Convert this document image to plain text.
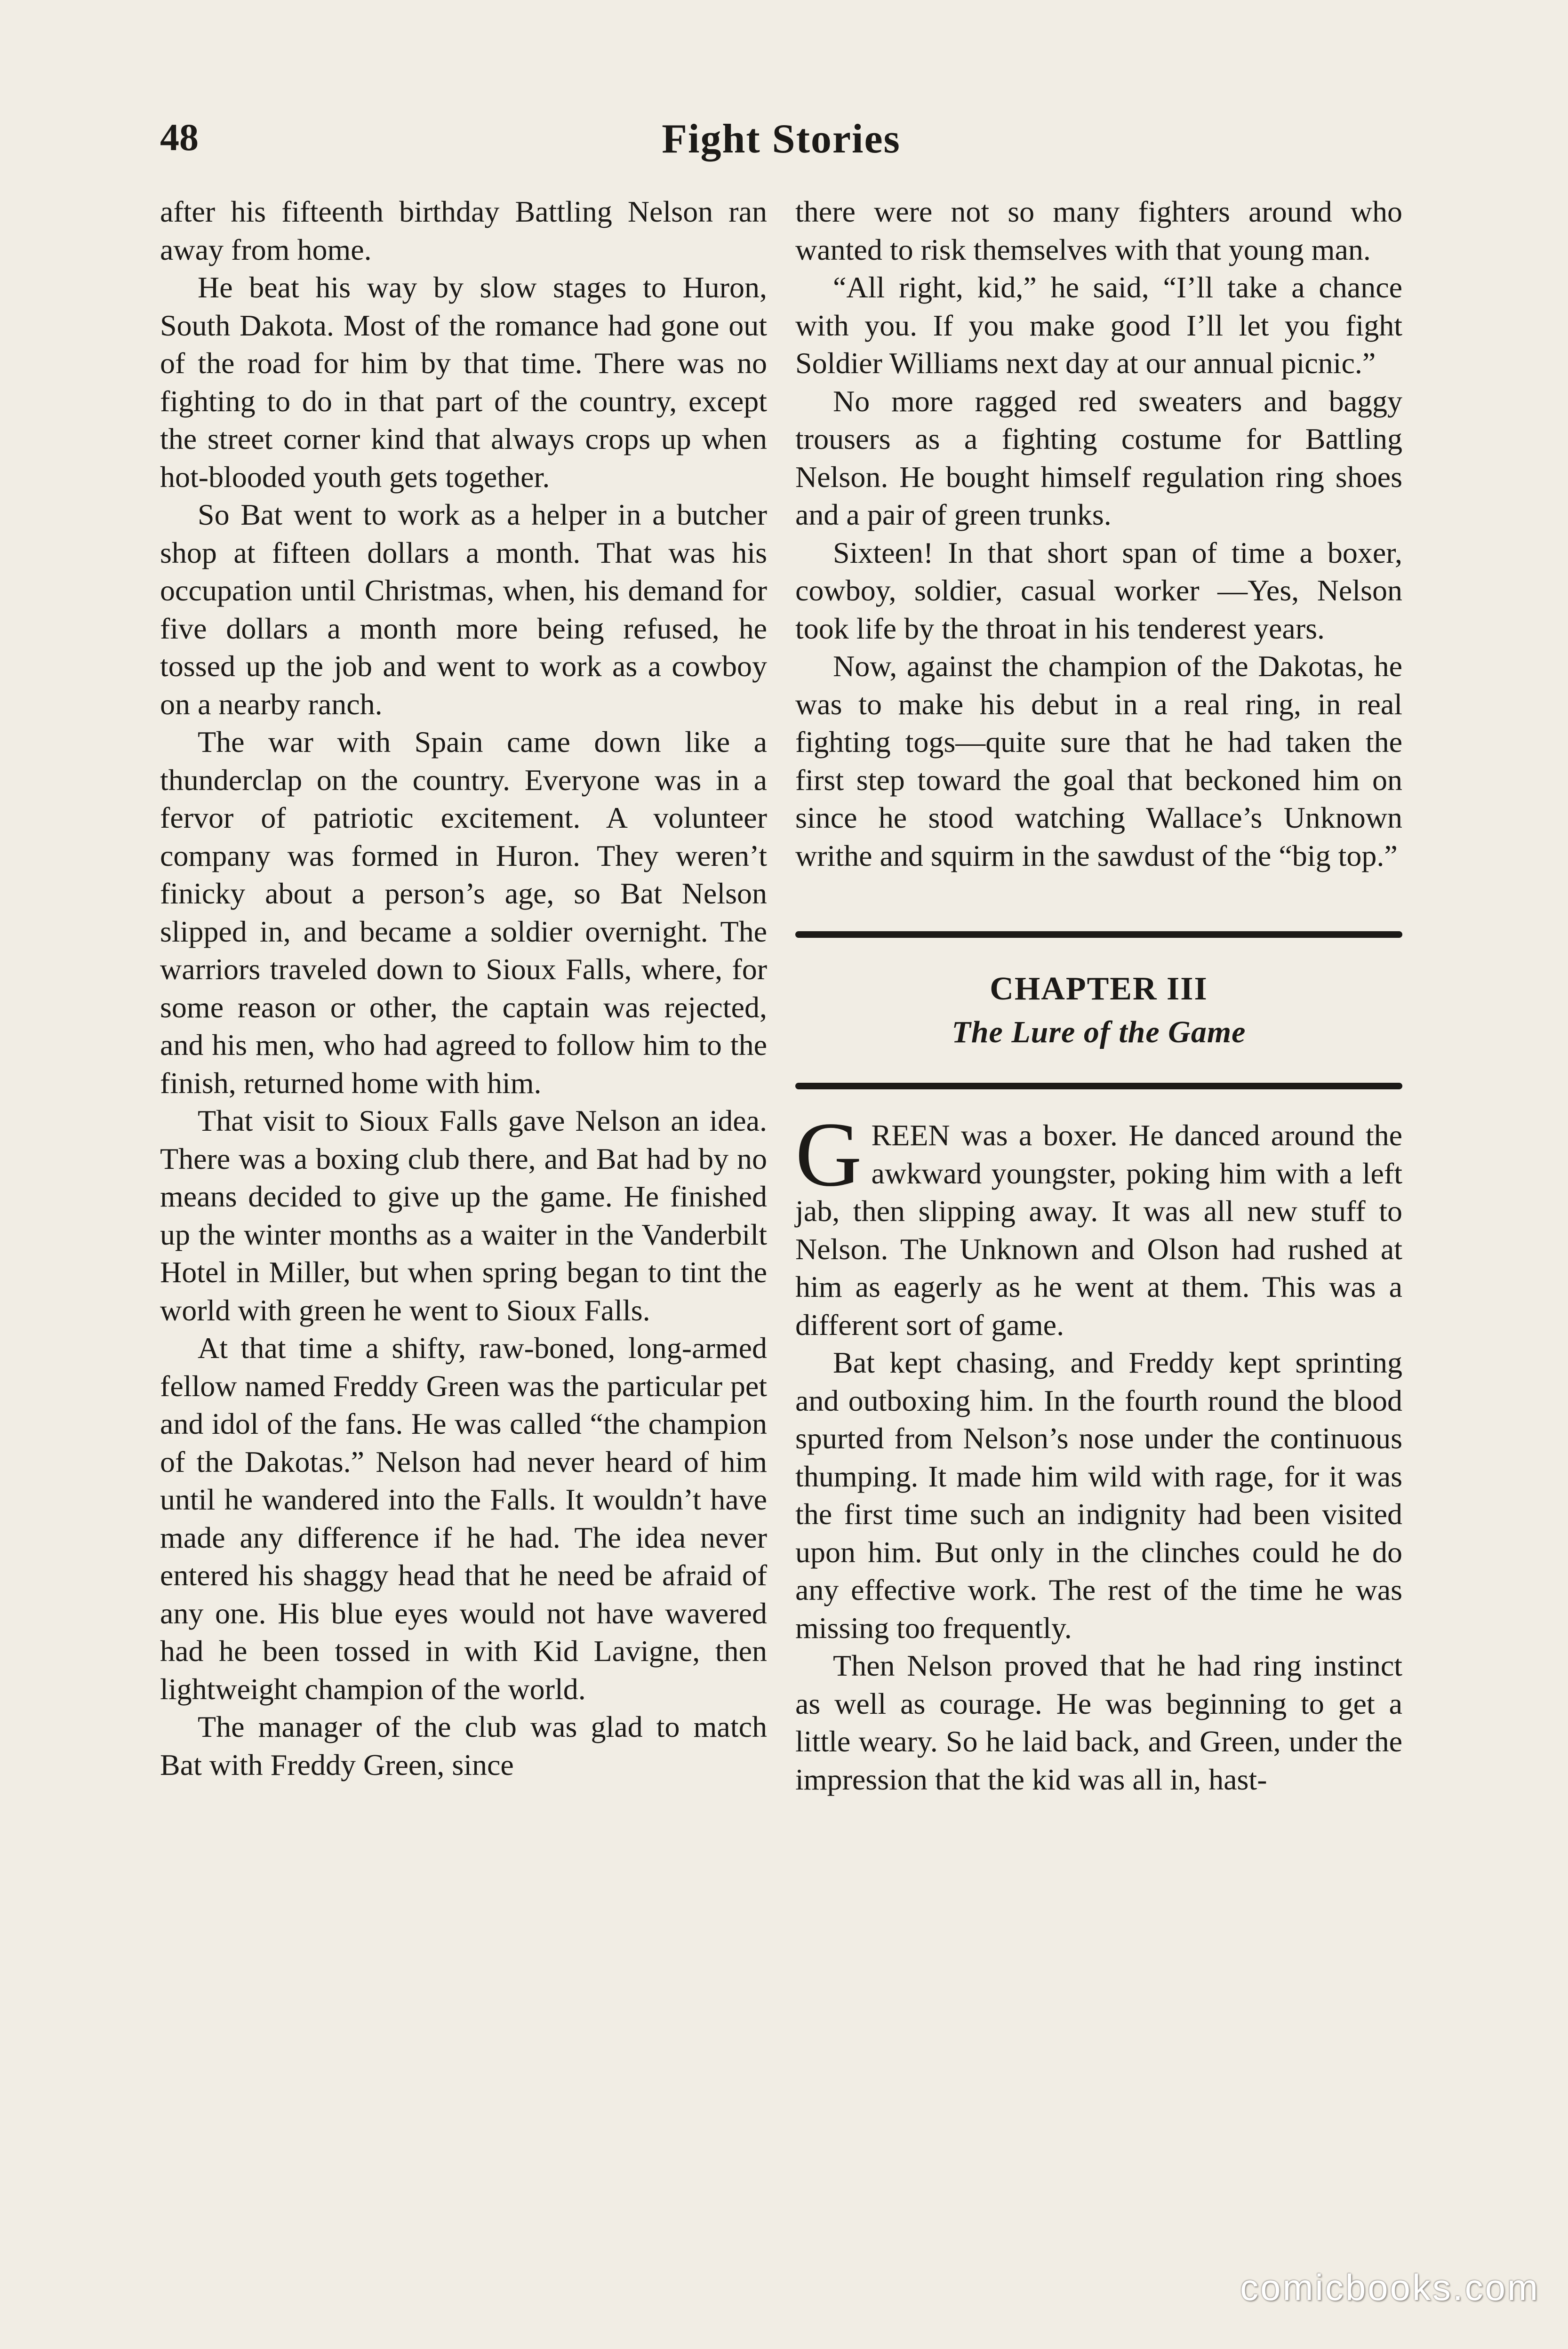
48	Fight Stories

after his fifteenth birthday Battling Nelson ran away from home.

He beat his way by slow stages to Huron, South Dakota. Most of the romance had gone out of the road for him by that time. There was no fighting to do in that part of the country, except the street corner kind that always crops up when hot-blooded youth gets together.

So Bat went to work as a helper in a butcher shop at fifteen dollars a month. That was his occupation until Christmas, when, his demand for five dollars a month more being refused, he tossed up the job and went to work as a cowboy on a nearby ranch.

The war with Spain came down like a thunderclap on the country. Everyone was in a fervor of patriotic excitement. A volunteer company was formed in Huron. They weren’t finicky about a person’s age, so Bat Nelson slipped in, and became a soldier overnight. The warriors traveled down to Sioux Falls, where, for some reason or other, the captain was rejected, and his men, who had agreed to follow him to the finish, returned home with him.

That visit to Sioux Falls gave Nelson an idea. There was a boxing club there, and Bat had by no means decided to give up the game. He finished up the winter months as a waiter in the Vanderbilt Hotel in Miller, but when spring began to tint the world with green he went to Sioux Falls.

At that time a shifty, raw-boned, long-armed fellow named Freddy Green was the particular pet and idol of the fans. He was called “the champion of the Dakotas.” Nelson had never heard of him until he wandered into the Falls. It wouldn’t have made any difference if he had. The idea never entered his shaggy head that he need be afraid of any one. His blue eyes would not have wavered had he been tossed in with Kid Lavigne, then lightweight champion of the world.

The manager of the club was glad to match Bat with Freddy Green, since

there were not so many fighters around who wanted to risk themselves with that young man.

“All right, kid,” he said, “I’ll take a chance with you. If you make good I’ll let you fight Soldier Williams next day at our annual picnic.”

No more ragged red sweaters and baggy trousers as a fighting costume for Battling Nelson. He bought himself regulation ring shoes and a pair of green trunks.

Sixteen! In that short span of time a boxer, cowboy, soldier, casual worker —Yes, Nelson took life by the throat in his tenderest years.

Now, against the champion of the Dakotas, he was to make his debut in a real ring, in real fighting togs—quite sure that he had taken the first step toward the goal that beckoned him on since he stood watching Wallace’s Unknown writhe and squirm in the sawdust of the “big top.”

CHAPTER III
The Lure of the Game

GREEN was a boxer. He danced around the awkward youngster, poking him with a left jab, then slipping away. It was all new stuff to Nelson. The Unknown and Olson had rushed at him as eagerly as he went at them. This was a different sort of game.

Bat kept chasing, and Freddy kept sprinting and outboxing him. In the fourth round the blood spurted from Nelson’s nose under the continuous thumping. It made him wild with rage, for it was the first time such an indignity had been visited upon him. But only in the clinches could he do any effective work. The rest of the time he was missing too frequently.

Then Nelson proved that he had ring instinct as well as courage. He was beginning to get a little weary. So he laid back, and Green, under the impression that the kid was all in, hast-

comicbooks.com
